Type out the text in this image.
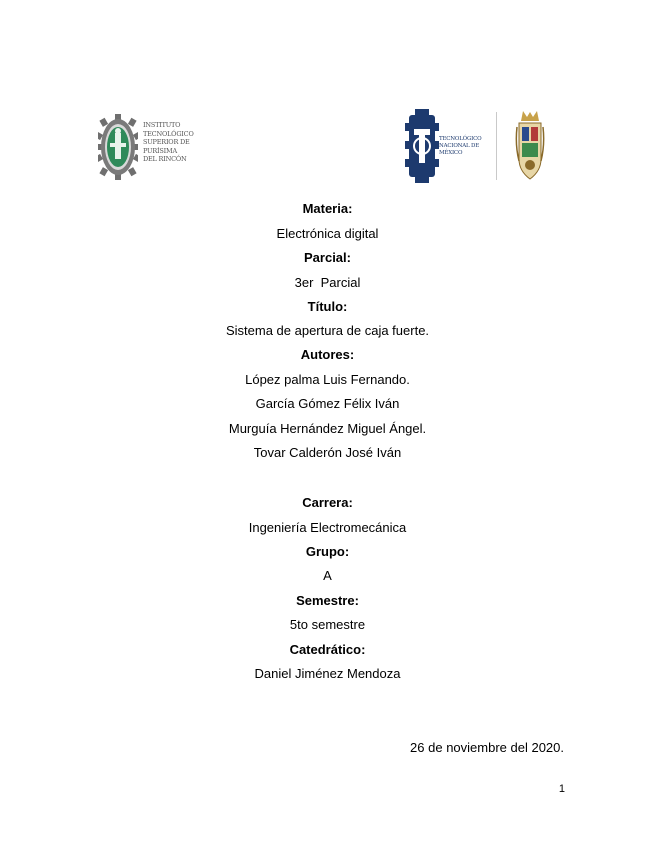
INSTITUTO
TECNOLÓGICO
SUPERIOR DE
PURÍSIMA
DEL RINCÓN
TECNOLÓGICO
NACIONAL DE MÉXICO
Materia:
Electrónica digital
Parcial:
3er  Parcial
Título:
Sistema de apertura de caja fuerte.
Autores:
López palma Luis Fernando.
García Gómez Félix Iván
Murguía Hernández Miguel Ángel.
Tovar Calderón José Iván
Carrera:
Ingeniería Electromecánica
Grupo:
A
Semestre:
5to semestre
Catedrático:
Daniel Jiménez Mendoza
26 de noviembre del 2020.
1
